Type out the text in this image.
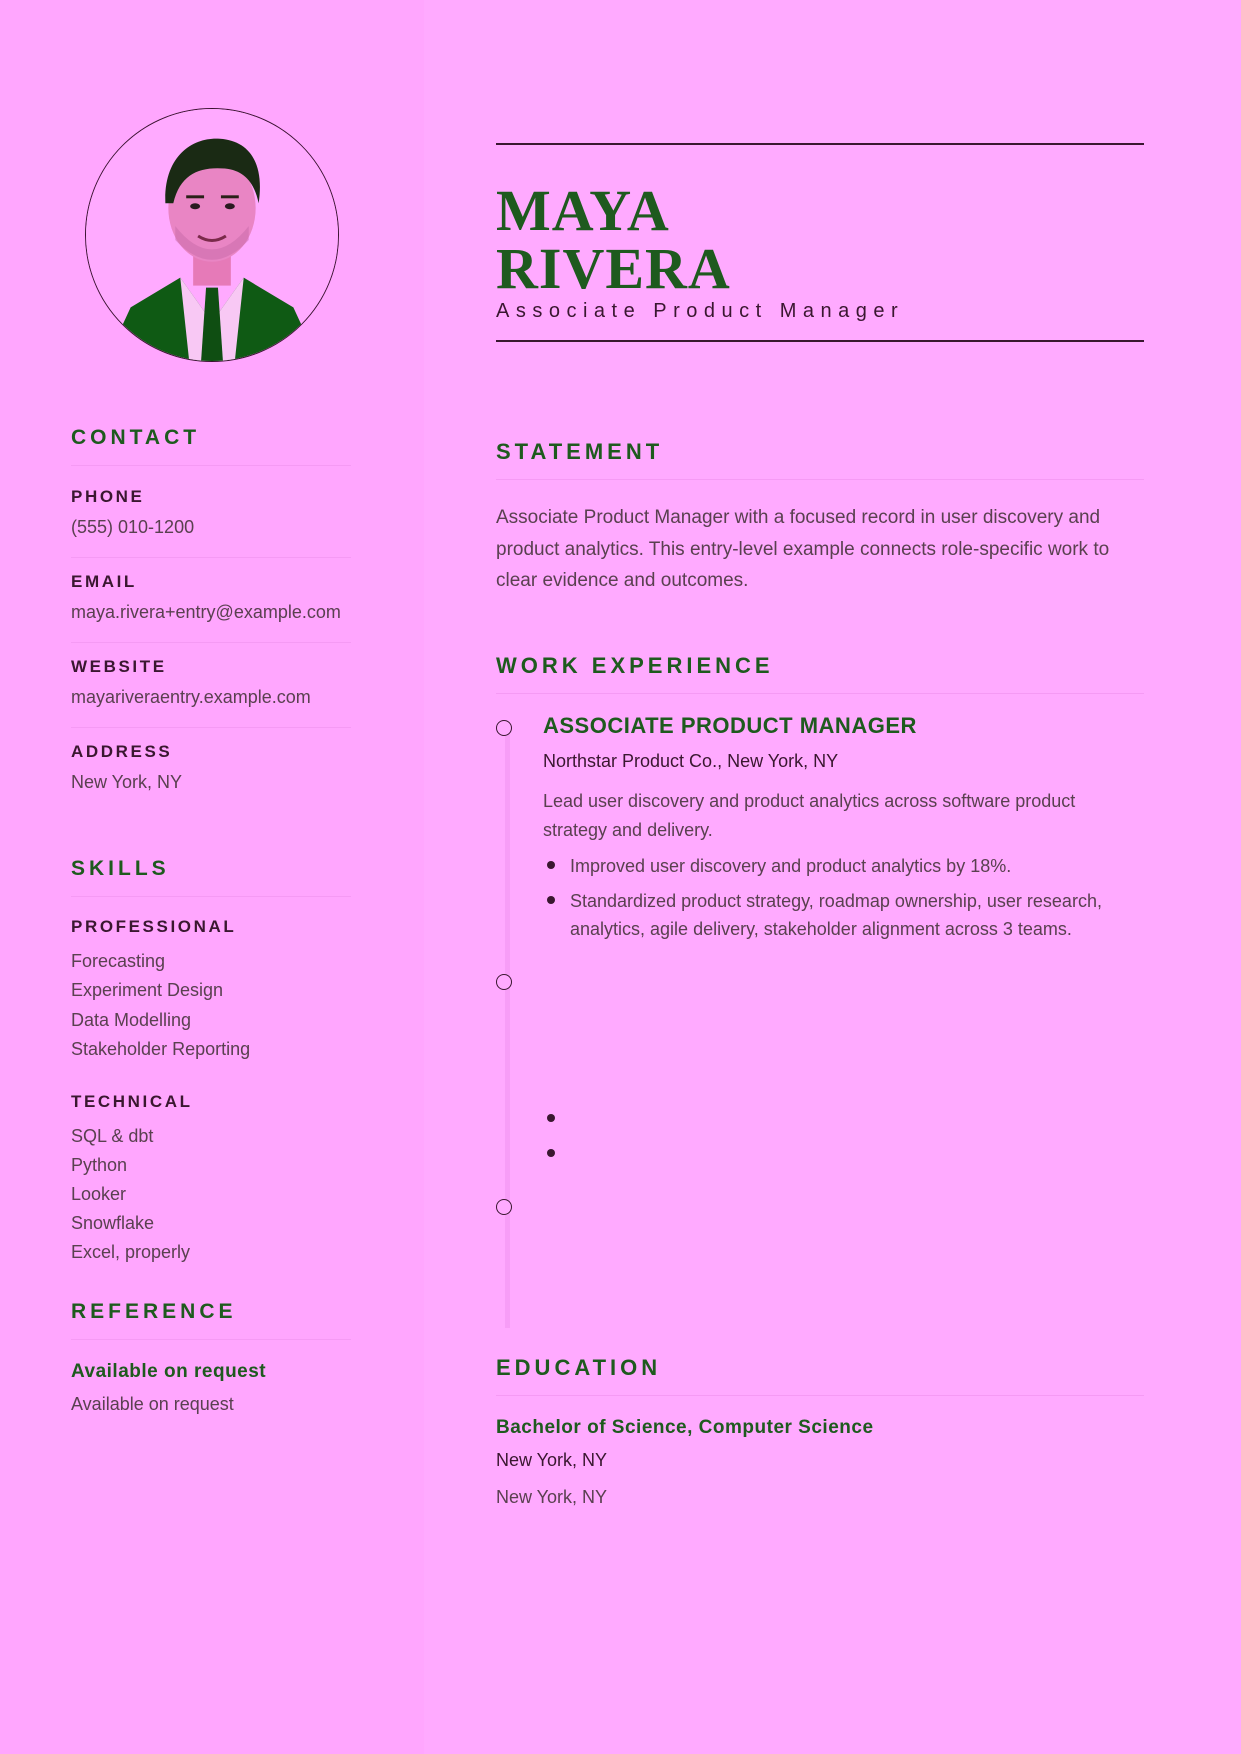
CONTACT
PHONE
(555) 010-1200
EMAIL
maya.rivera+entry@example.com
WEBSITE
mayariveraentry.example.com
ADDRESS
New York, NY
SKILLS
PROFESSIONAL
Forecasting
Experiment Design
Data Modelling
Stakeholder Reporting
TECHNICAL
SQL & dbt
Python
Looker
Snowflake
Excel, properly
REFERENCE
Available on request
Available on request
MAYA
RIVERA
Associate Product Manager
STATEMENT
Associate Product Manager with a focused record in user discovery and product analytics. This entry-level example connects role-specific work to clear evidence and outcomes.
WORK EXPERIENCE
ASSOCIATE PRODUCT MANAGER
Northstar Product Co., New York, NY
Lead user discovery and product analytics across software product strategy and delivery.
Improved user discovery and product analytics by 18%.
Standardized product strategy, roadmap ownership, user research, analytics, agile delivery, stakeholder alignment across 3 teams.
EDUCATION
Bachelor of Science, Computer Science
New York, NY
New York, NY
